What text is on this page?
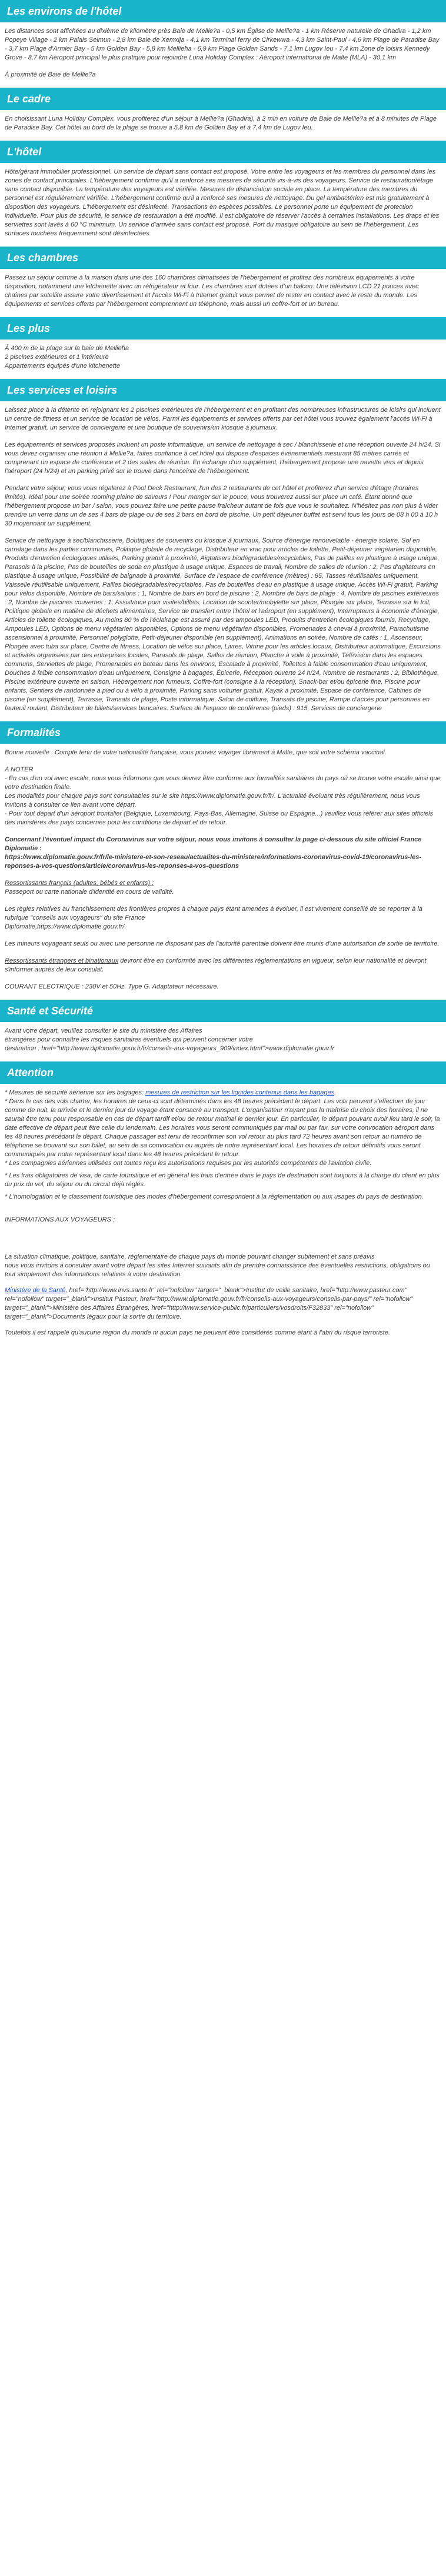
Les environs de l'hôtel

Les distances sont affichées au dixième de kilomètre près Baie de Mellie?a - 0,5 km Église de Mellie?a - 1 km Réserve naturelle de Għadira - 1,2 km Popeye Village - 2 km Palais Selmun - 2,8 km Baie de Xemxija - 4,1 km Terminal ferry de Cirkewwa - 4,3 km Saint-Paul - 4,6 km Plage de Paradise Bay - 3,7 km Plage d'Armier Bay - 5 km Golden Bay - 5,8 km Mellieħa - 6,9 km Plage Golden Sands - 7,1 km Lugov Ieu - 7,4 km Zone de loisirs Kennedy Grove - 8,7 km Aéroport principal le plus pratique pour rejoindre Luna Holiday Complex : Aéroport international de Malte (MLA) - 30,1 km

À proximité de Baie de Mellie?a

Le cadre

En choisissant Luna Holiday Complex, vous profiterez d'un séjour à Mellie?a (Għadira), à 2 min en voiture de Baie de Mellie?a et à 8 minutes de Plage de Paradise Bay. Cet hôtel au bord de la plage se trouve à 5,8 km de Golden Bay et à 7,4 km de Lugov Ieu.

L'hôtel

Hôte/gérant immobilier professionnel. Un service de départ sans contact est proposé. Votre entre les voyageurs et les membres du personnel dans les zones de contact principales. L'hébergement confirme qu'il a renforcé ses mesures de sécurité vis-à-vis des voyageurs. Service de restauration/étage sans contact disponible. La température des voyageurs est vérifiée. Mesures de distanciation sociale en place. La température des membres du personnel est régulièrement vérifiée. L'hébergement confirme qu'il a renforcé ses mesures de nettoyage. Du gel antibactérien est mis gratuitement à disposition des voyageurs. L'hébergement est désinfecté. Transactions en espèces possibles. Le personnel porte un équipement de protection individuelle. Pour plus de sécurité, le service de restauration a été modifié. Il est obligatoire de réserver l'accès à certaines installations. Les draps et les serviettes sont lavés à 60 °C minimum. Un service d'arrivée sans contact est proposé. Port du masque obligatoire au sein de l'hébergement. Les surfaces touchées fréquemment sont désinfectées.

Les chambres

Passez un séjour comme à la maison dans une des 160 chambres climatisées de l'hébergement et profitez des nombreux équipements à votre disposition, notamment une kitchenette avec un réfrigérateur et four. Les chambres sont dotées d'un balcon. Une télévision LCD 21 pouces avec chaînes par satellite assure votre divertissement et l'accès Wi-Fi à Internet gratuit vous permet de rester en contact avec le reste du monde. Les équipements et services offerts par l'hébergement comprennent un téléphone, mais aussi un coffre-fort et un bureau.

Les plus
À 400 m de la plage sur la baie de Mellieħa
2 piscines extérieures et 1 intérieure
Appartements équipés d'une kitchenette
Les services et loisirs

Laissez place à la détente en rejoignant les 2 piscines extérieures de l'hébergement et en profitant des nombreuses infrastructures de loisirs qui incluent un centre de fitness et un service de location de vélos. Parmi les équipements et services offerts par cet hôtel vous trouvez également l'accès Wi-Fi à Internet gratuit, un service de conciergerie et une boutique de souvenirs/un kiosque à journaux.

Les équipements et services proposés incluent un poste informatique, un service de nettoyage à sec / blanchisserie et une réception ouverte 24 h/24. Si vous devez organiser une réunion à Mellie?a, faites confiance à cet hôtel qui dispose d'espaces événementiels mesurant 85 mètres carrés et comprenant un espace de conférence et 2 des salles de réunion. En échange d'un supplément, l'hébergement propose une navette vers et depuis l'aéroport (24 h/24) et un parking privé sur le trouve dans l'enceinte de l'hébergement.

Pendant votre séjour, vous vous régalerez à Pool Deck Restaurant, l'un des 2 restaurants de cet hôtel et profiterez d'un service d'étage (horaires limités). Idéal pour une soirée rooming pleine de saveurs ! Pour manger sur le pouce, vous trouverez aussi sur place un café. Étant donné que l'hébergement propose un bar / salon, vous pouvez faire une petite pause fraîcheur autant de fois que vous le souhaitez. N'hésitez pas non plus à vider prendre un verre dans un de ses 4 bars de plage ou de ses 2 bars en bord de piscine. Un petit déjeuner buffet est servi tous les jours de 08 h 00 à 10 h 30 moyennant un supplément.

Service de nettoyage à sec/blanchisserie, Boutiques de souvenirs ou kiosque à journaux, Source d'énergie renouvelable - énergie solaire, Sol en carrelage dans les parties communes, Politique globale de recyclage, Distributeur en vrac pour articles de toilette, Petit-déjeuner végétarien disponible, Produits d'entretien écologiques utilisés, Parking gratuit à proximité, Aigtatisers biodégradables/recyclables, Pas de pailles en plastique à usage unique, Parasols à la piscine, Pas de bouteilles de soda en plastique à usage unique, Espaces de travail, Nombre de salles de réunion : 2, Pas d'agitateurs en plastique à usage unique, Possibilité de baignade à proximité, Surface de l'espace de conférence (mètres) : 85, Tasses réutilisables uniquement, Vaisselle réutilisable uniquement, Pailles biodégradables/recyclables, Pas de bouteilles d'eau en plastique à usage unique, Accès Wi-Fi gratuit, Parking pour vélos disponible, Nombre de bars/salons : 1, Nombre de bars en bord de piscine : 2, Nombre de bars de plage : 4, Nombre de piscines extérieures : 2, Nombre de piscines couvertes : 1, Assistance pour visites/billets, Location de scooter/mobylette sur place, Plongée sur place, Terrasse sur le toit, Politique globale en matière de déchets alimentaires, Service de transfert entre l'hôtel et l'aéroport (en supplément), Interrupteurs à économie d'énergie, Articles de toilette écologiques, Au moins 80 % de l'éclairage est assuré par des ampoules LED, Produits d'entretien écologiques fournis, Recyclage, Ampoules LED, Options de menu végétarien disponibles, Options de menu végétarien disponibles, Promenades à cheval à proximité, Parachutisme ascensionnel à proximité, Personnel polyglotte, Petit-déjeuner disponible (en supplément), Animations en soirée, Nombre de cafés : 1, Ascenseur, Plongée avec tuba sur place, Centre de fitness, Location de vélos sur place, Livres, Vitrine pour les articles locaux, Distributeur automatique, Excursions et activités organisées par des entreprises locales, Parasols de plage, Salles de réunion, Planche à voile à proximité, Télévision dans les espaces communs, Serviettes de plage, Promenades en bateau dans les environs, Escalade à proximité, Toilettes à faible consommation d'eau uniquement, Douches à faible consommation d'eau uniquement, Consigne à bagages, Épicerie, Réception ouverte 24 h/24, Nombre de restaurants : 2, Bibliothèque, Piscine extérieure ouverte en saison, Hébergement non fumeurs, Coffre-fort (consigne à la réception), Snack-bar et/ou épicerie fine, Piscine pour enfants, Sentiers de randonnée à pied ou à vélo à proximité, Parking sans voiturier gratuit, Kayak à proximité, Espace de conférence, Cabines de piscine (en supplément), Terrasse, Transats de plage, Poste informatique, Salon de coiffure, Transats de piscine, Rampe d'accès pour personnes en fauteuil roulant, Distributeur de billets/services bancaires. Surface de l'espace de conférence (pieds) : 915, Services de conciergerie

Formalités

Bonne nouvelle : Compte tenu de votre nationalité française, vous pouvez voyager librement à Malte, que soit votre schéma vaccinal.

A NOTER
- En cas d'un vol avec escale, nous vous informons que vous devrez être conforme aux formalités sanitaires du pays où se trouve votre escale ainsi que votre destination finale.
Les modalités pour chaque pays sont consultables sur le site https://www.diplomatie.gouv.fr/fr/. L'actualité évoluant très régulièrement, nous vous invitons à consulter ce lien avant votre départ.
- Pour tout départ d'un aéroport frontalier (Belgique, Luxembourg, Pays-Bas, Allemagne, Suisse ou Espagne...) veuillez vous référer aux sites officiels des ministères des pays concernés pour les conditions de départ et de retour.

Concernant l'éventuel impact du Coronavirus sur votre séjour, nous vous invitons à consulter la page ci-dessous du site officiel France Diplomatie :
https://www.diplomatie.gouv.fr/fr/le-ministere-et-son-reseau/actualites-du-ministere/informations-coronavirus-covid-19/coronavirus-les-reponses-a-vos-questions/article/coronavirus-les-reponses-a-vos-questions

Ressortissants français (adultes, bébés et enfants) :
Passeport ou carte nationale d'identité en cours de validité.

Les règles relatives au franchissement des frontières propres à chaque pays étant amenées à évoluer, il est vivement conseillé de se reporter à la rubrique "conseils aux voyageurs" du site France
Diplomatie,https://www.diplomatie.gouv.fr/.

Les mineurs voyageant seuls ou avec une personne ne disposant pas de l'autorité parentale doivent être munis d'une autorisation de sortie de territoire.

Ressortissants étrangers et binationaux devront être en conformité avec les différentes réglementations en vigueur, selon leur nationalité et devront s'informer auprès de leur consulat.

COURANT ELECTRIQUE : 230V et 50Hz. Type G. Adaptateur nécessaire.

Santé et Sécurité

Avant votre départ, veuillez consulter le site du ministère des Affaires
étrangères pour connaître les risques sanitaires éventuels qui peuvent concerner votre
destination : href="http://www.diplomatie.gouv.fr/fr/conseils-aux-voyageurs_909/index.html">www.diplomatie.gouv.fr

Attention
* Mesures de sécurité aérienne sur les bagages: mesures de restriction sur les liquides contenus dans les bagages.
* Dans le cas des vols charter, les horaires de ceux-ci sont déterminés dans les 48 heures précédant le départ. Les vols peuvent s'effectuer de jour comme de nuit, la arrivée et le dernier jour du voyage étant consacré au transport. L'organisateur n'ayant pas la maîtrise du choix des horaires, il ne saurait être tenu pour responsable en cas de départ tardif et/ou de retour matinal le dernier jour. En particulier, le départ pouvant avoir lieu tard le soir, la date effective de départ peut être celle du lendemain. Les horaires vous seront communiqués par mail ou par fax, sur votre convocation aéroport dans les 48 heures précédant le départ. Chaque passager est tenu de reconfirmer son vol retour au plus tard 72 heures avant son retour au numéro de téléphone se trouvant sur son billet, au sein de sa convocation ou auprès de notre représentant local. Les horaires de retour définitifs vous seront communiqués par notre représentant local dans les 48 heures précédant le retour.
* Les compagnies aériennes utilisées ont toutes reçu les autorisations requises par les autorités compétentes de l'aviation civile.
* Les frais obligatoires de visa, de carte touristique et en général les frais d'entrée dans le pays de destination sont toujours à la charge du client en plus du prix du vol, du séjour ou du circuit déjà réglés.
* L'homologation et le classement touristique des modes d'hébergement correspondent à la réglementation ou aux usages du pays de destination.
INFORMATIONS AUX VOYAGEURS :
La situation climatique, politique, sanitaire, réglementaire de chaque pays du monde pouvant changer subitement et sans préavis
nous vous invitons à consulter avant votre départ les sites Internet suivants afin de prendre connaissance des éventuelles restrictions, obligations ou tout simplement des informations relatives à votre destination.
Ministère de la Santé, href="http://www.invs.sante.fr" rel="nofollow" target="_blank">Institut de veille sanitaire, href="http://www.pasteur.com" rel="nofollow" target="_blank">Institut Pasteur, href="http://www.diplomatie.gouv.fr/fr/conseils-aux-voyageurs/conseils-par-pays/" rel="nofollow" target="_blank">Ministère des Affaires Étrangères, href="http://www.service-public.fr/particuliers/vosdroits/F32833" rel="nofollow" target="_blank">Documents légaux pour la sortie du territoire.
Toutefois il est rappelé qu'aucune région du monde ni aucun pays ne peuvent être considérés comme étant à l'abri du risque terroriste.
